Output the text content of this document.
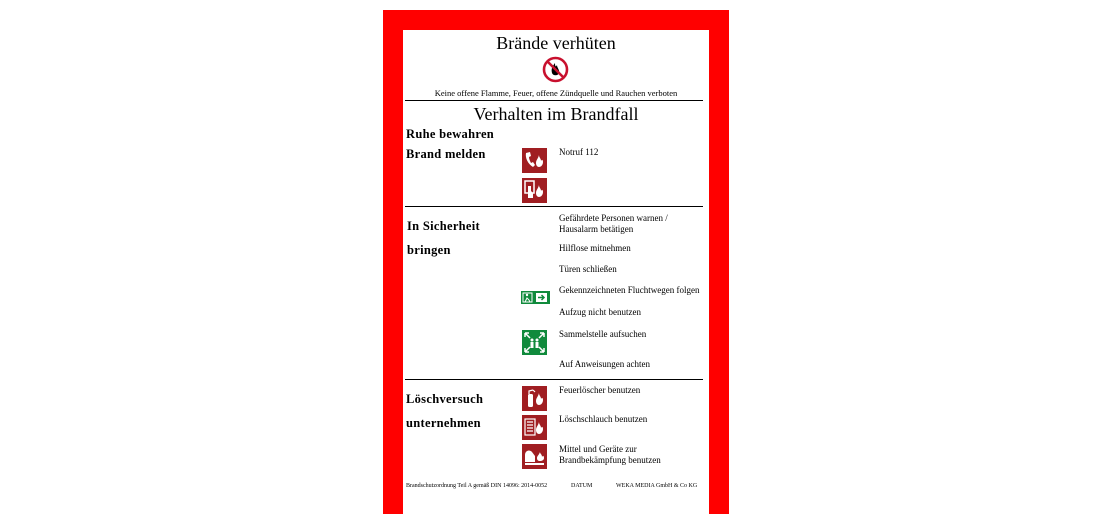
Brände verhüten
Keine offene Flamme, Feuer, offene Zündquelle und Rauchen verboten
Verhalten im Brandfall
Ruhe bewahren
Brand melden	Notruf 112
In Sicherheit
bringen
Gefährdete Personen warnen /
Hausalarm betätigen
Hilflose mitnehmen
Türen schließen
Gekennzeichneten Fluchtwegen folgen
Aufzug nicht benutzen
Sammelstelle aufsuchen
Auf Anweisungen achten
Löschversuch
unternehmen
Feuerlöscher benutzen
Löschschlauch benutzen
Mittel und Geräte zur
Brandbekämpfung benutzen
Brandschutzordnung Teil A gemäß DIN 14096: 2014-0052	DATUM	WEKA MEDIA GmbH & Co KG
